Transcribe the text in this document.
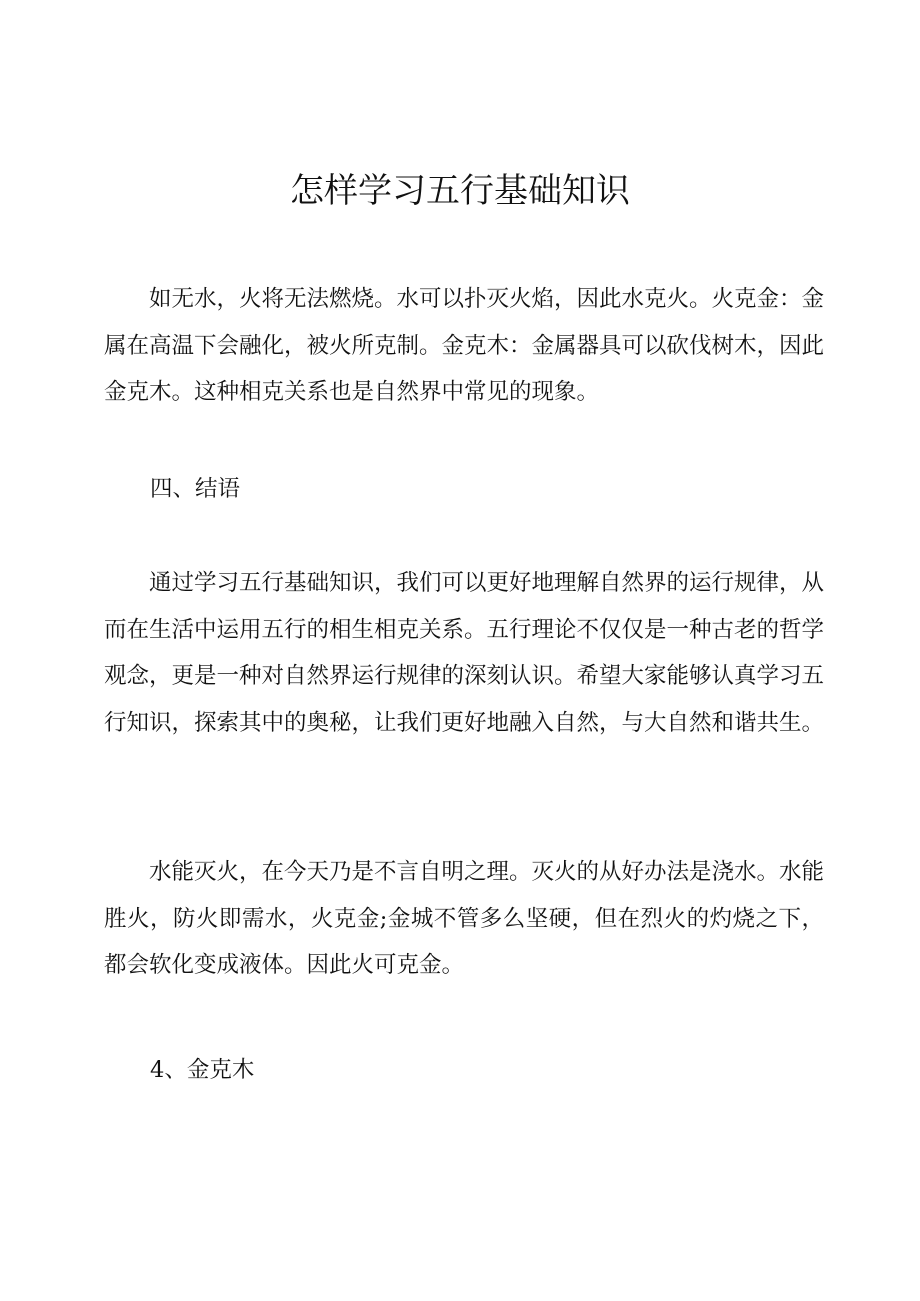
怎样学习五行基础知识

如无水，火将无法燃烧。水可以扑灭火焰，因此水克火。火克金：金属在高温下会融化，被火所克制。金克木：金属器具可以砍伐树木，因此金克木。这种相克关系也是自然界中常见的现象。

四、结语

通过学习五行基础知识，我们可以更好地理解自然界的运行规律，从而在生活中运用五行的相生相克关系。五行理论不仅仅是一种古老的哲学观念，更是一种对自然界运行规律的深刻认识。希望大家能够认真学习五行知识，探索其中的奥秘，让我们更好地融入自然，与大自然和谐共生。

水能灭火，在今天乃是不言自明之理。灭火的从好办法是浇水。水能胜火，防火即需水，火克金;金城不管多么坚硬，但在烈火的灼烧之下，都会软化变成液体。因此火可克金。

4、金克木
